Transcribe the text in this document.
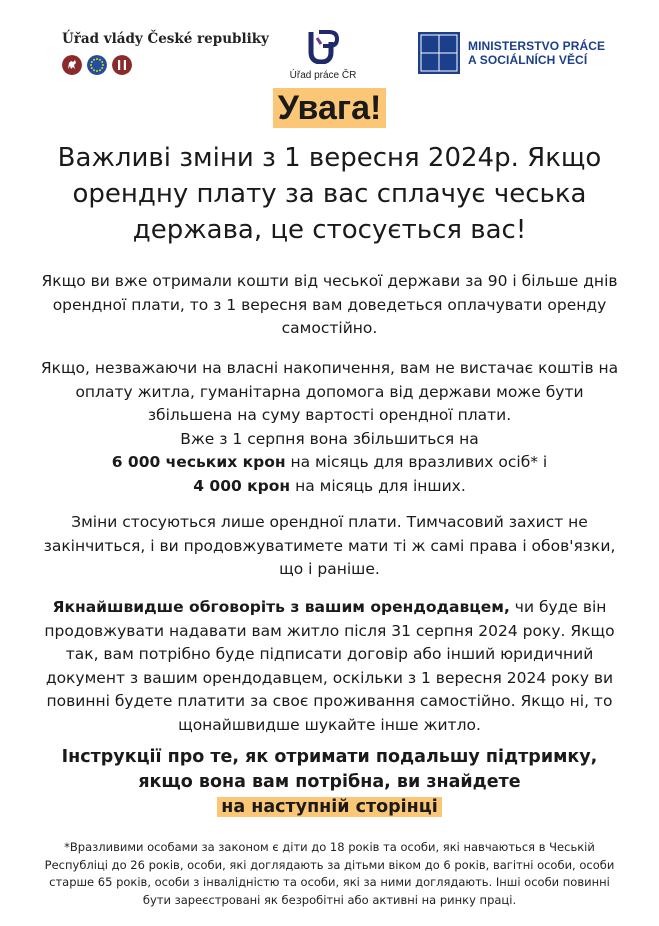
Úřad vlády České republiky
Úřad práce ČR
MINISTERSTVO PRÁCE
A SOCIÁLNÍCH VĚCÍ
Увага!
Важливі зміни з 1 вересня 2024р. Якщо орендну плату за вас сплачує чеська держава, це стосується вас!

Якщо ви вже отримали кошти від чеської держави за 90 і більше днів орендної плати, то з 1 вересня вам доведеться оплачувати оренду самостійно.

Якщо, незважаючи на власні накопичення, вам не вистачає коштів на оплату житла, гуманітарна допомога від держави може бути збільшена на суму вартості орендної плати.
Вже з 1 серпня вона збільшиться на
6 000 чеських крон на місяць для вразливих осіб* і
4 000 крон на місяць для інших.

Зміни стосуються лише орендної плати. Тимчасовий захист не закінчиться, і ви продовжуватимете мати ті ж самі права і обов'язки, що і раніше.

Якнайшвидше обговоріть з вашим орендодавцем, чи буде він продовжувати надавати вам житло після 31 серпня 2024 року. Якщо так, вам потрібно буде підписати договір або інший юридичний документ з вашим орендодавцем, оскільки з 1 вересня 2024 року ви повинні будете платити за своє проживання самостійно. Якщо ні, то щонайшвидше шукайте інше житло.

Інструкції про те, як отримати подальшу підтримку,
якщо вона вам потрібна, ви знайдете
на наступній сторінці
*Вразливими особами за законом є діти до 18 років та особи, які навчаються в Чеській Республіці до 26 років, особи, які доглядають за дітьми віком до 6 років, вагітні особи, особи старше 65 років, особи з інвалідністю та особи, які за ними доглядають. Інші особи повинні бути зареєстровані як безробітні або активні на ринку праці.
